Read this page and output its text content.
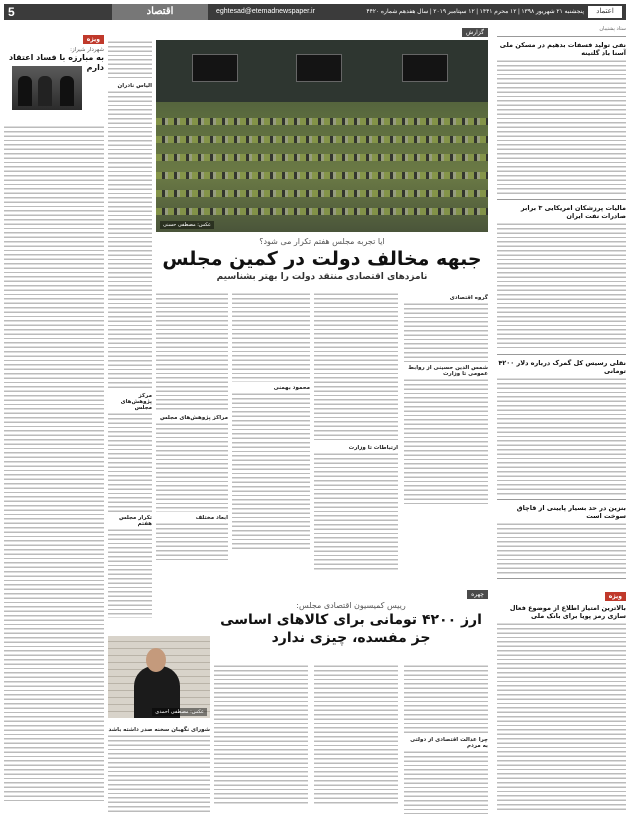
5	اقتصاد	eghtesad@etemadnewspaper.ir	پنجشنبه ۲۱ شهریور ۱۳۹۸ | ۱۲ محرم ۱۴۴۱ | ۱۲ سپتامبر ۲۰۱۹ | سال هفدهم شماره ۴۴۲۰	اعتماد

ستاد پشتیبان

نفی تولید فسفات بدهیم در مسکن ملی آسنا باد گلتینه

مالیات پرزشکان امریکایی ۳ برابر صادرات نفت ایران

نقلی رسیس کل گمرک درباره دلار ۴۲۰۰ تومانی

بنزین در حد بسیار پایینی از قاچاق سوخت است

ویژه

بالاترین امتیاز اطلاع از موضوع فعال سازی رمز پویا برای بانک ملی

گزارش
عکس: مصطفی حسنی
ایا تجربه مجلس هفتم تکرار می شود؟
جبهه مخالف دولت در کمین مجلس
نامزدهای اقتصادی منتقد دولت را بهتر بشناسیم

گروه اقتصادی

شمس الدین حسینی از روابط عمومی تا وزارت

ارتباطات تا وزارت

محمود بهمنی

مراکز پژوهش‌های مجلس

ابعاد مختلف

چهره
رییس کمیسیون اقتصادی مجلس:
ارز ۴۲۰۰ تومانی برای کالاهای اساسی جز مفسده، چیزی ندارد
عکس: مصطفی احمدی

چرا عدالت اقتصادی از دولتی به مردم

شورای نگهبان سخنه صدر داشته باشد

الیاس نادران

مرکز پژوهش‌های مجلس

تکرار مجلس هفتم

ویژه
شهردار شیراز:
به مبارزه با فساد اعتقاد دارم
